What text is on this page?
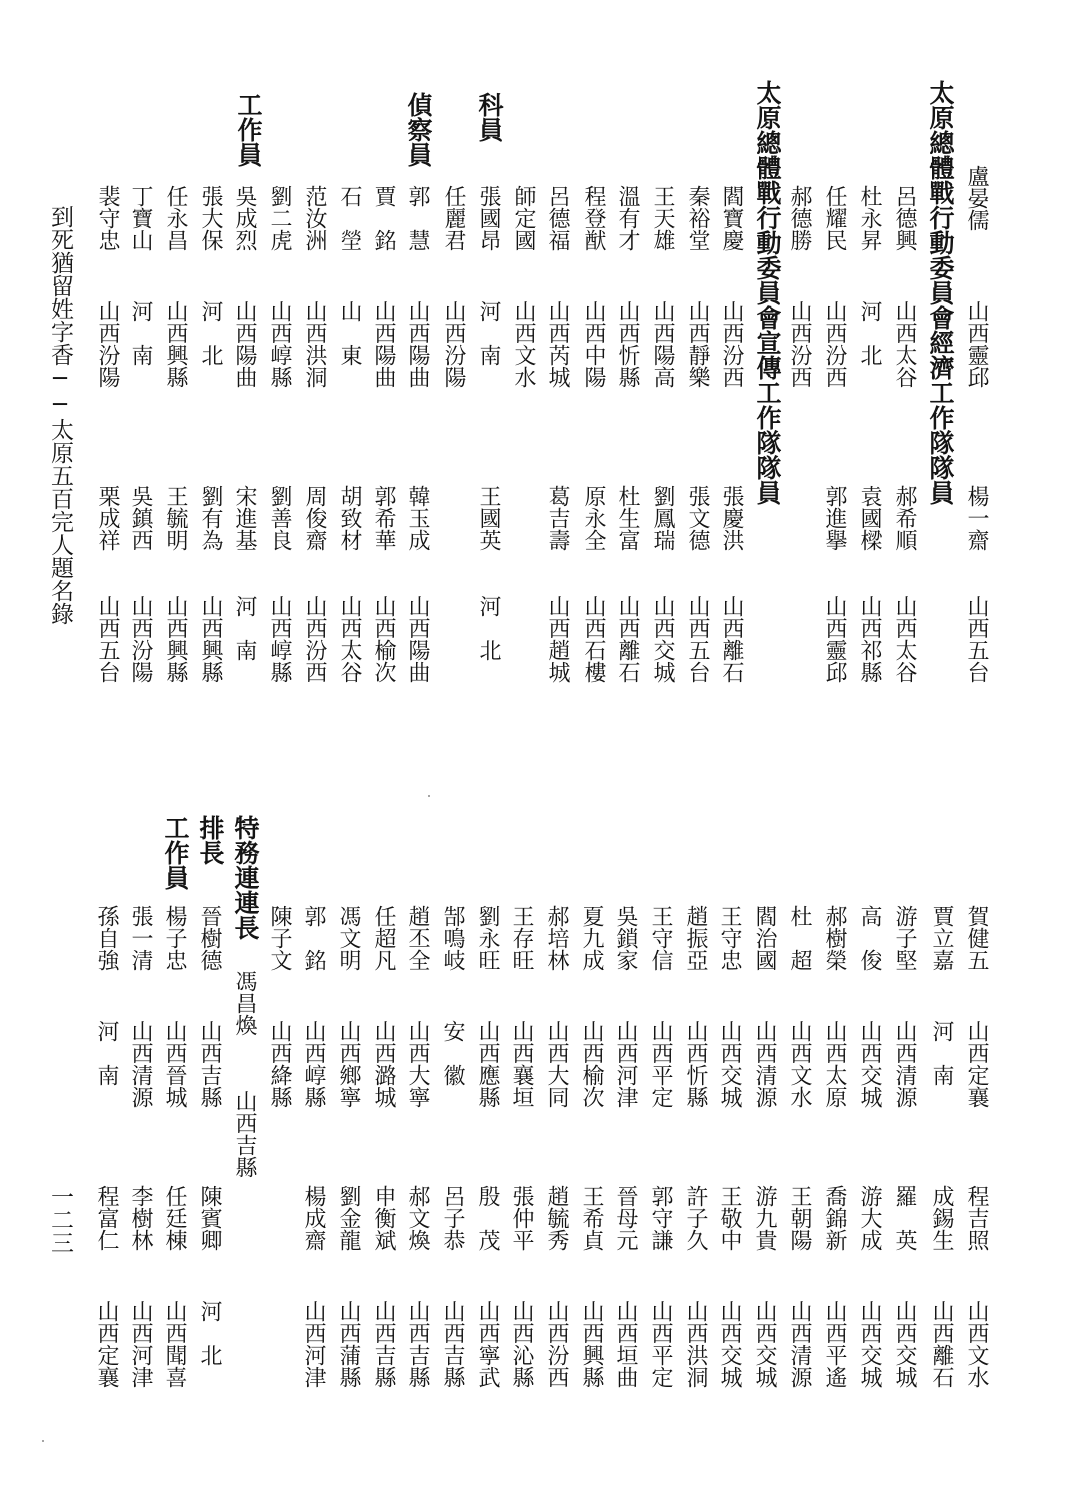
太原總體戰行動委員會經濟工作隊隊員
太原總體戰行動委員會宣傳工作隊隊員
科員
偵察員
工作員
特務連連長
排長
工作員
盧晏儒
山西靈邱
楊一齋
山西五台
呂德興
山西太谷
郝希順
山西太谷
杜永昇
河　北
袁國樑
山西祁縣
任耀民
山西汾西
郭進擧
山西靈邱
郝德勝
山西汾西
閻寶慶
山西汾西
張慶洪
山西離石
秦裕堂
山西靜樂
張文德
山西五台
王天雄
山西陽高
劉鳳瑞
山西交城
溫有才
山西忻縣
杜生富
山西離石
程登猷
山西中陽
原永全
山西石樓
呂德福
山西芮城
葛吉壽
山西趙城
師定國
山西文水
張國昂
河　南
王國英
河　北
任麗君
山西汾陽
郭　慧
山西陽曲
韓玉成
山西陽曲
賈　銘
山西陽曲
郭希華
山西榆次
石　塋
山　東
胡致材
山西太谷
范汝洲
山西洪洞
周俊齋
山西汾西
劉二虎
山西崞縣
劉善良
山西崞縣
吳成烈
山西陽曲
宋進基
河　南
張大保
河　北
劉有為
山西興縣
任永昌
山西興縣
王毓明
山西興縣
丁寶山
河　南
吳鎮西
山西汾陽
裴守忠
山西汾陽
栗成祥
山西五台
賀健五
山西定襄
程吉照
山西文水
賈立嘉
河　南
成錫生
山西離石
游子堅
山西清源
羅　英
山西交城
高　俊
山西交城
游大成
山西交城
郝樹榮
山西太原
喬錦新
山西平遙
杜　超
山西文水
王朝陽
山西清源
閻治國
山西清源
游九貴
山西交城
王守忠
山西交城
王敬中
山西交城
趙振亞
山西忻縣
許子久
山西洪洞
王守信
山西平定
郭守謙
山西平定
吳鎖家
山西河津
晉母元
山西垣曲
夏九成
山西榆次
王希貞
山西興縣
郝培林
山西大同
趙毓秀
山西汾西
王存旺
山西襄垣
張仲平
山西沁縣
劉永旺
山西應縣
殷　茂
山西寧武
郜鳴岐
安　徽
呂子恭
山西吉縣
趙丕全
山西大寧
郝文煥
山西吉縣
任超凡
山西潞城
申衡斌
山西吉縣
馮文明
山西鄉寧
劉金龍
山西蒲縣
郭　銘
山西崞縣
楊成齋
山西河津
陳子文
山西絳縣
馮昌煥
山西吉縣
晉樹德
山西吉縣
陳賓卿
河　北
楊子忠
山西晉城
任廷棟
山西聞喜
張一清
山西清源
李樹林
山西河津
孫自強
河　南
程富仁
山西定襄
到死猶留姓字香──太原五百完人題名錄
一二三
